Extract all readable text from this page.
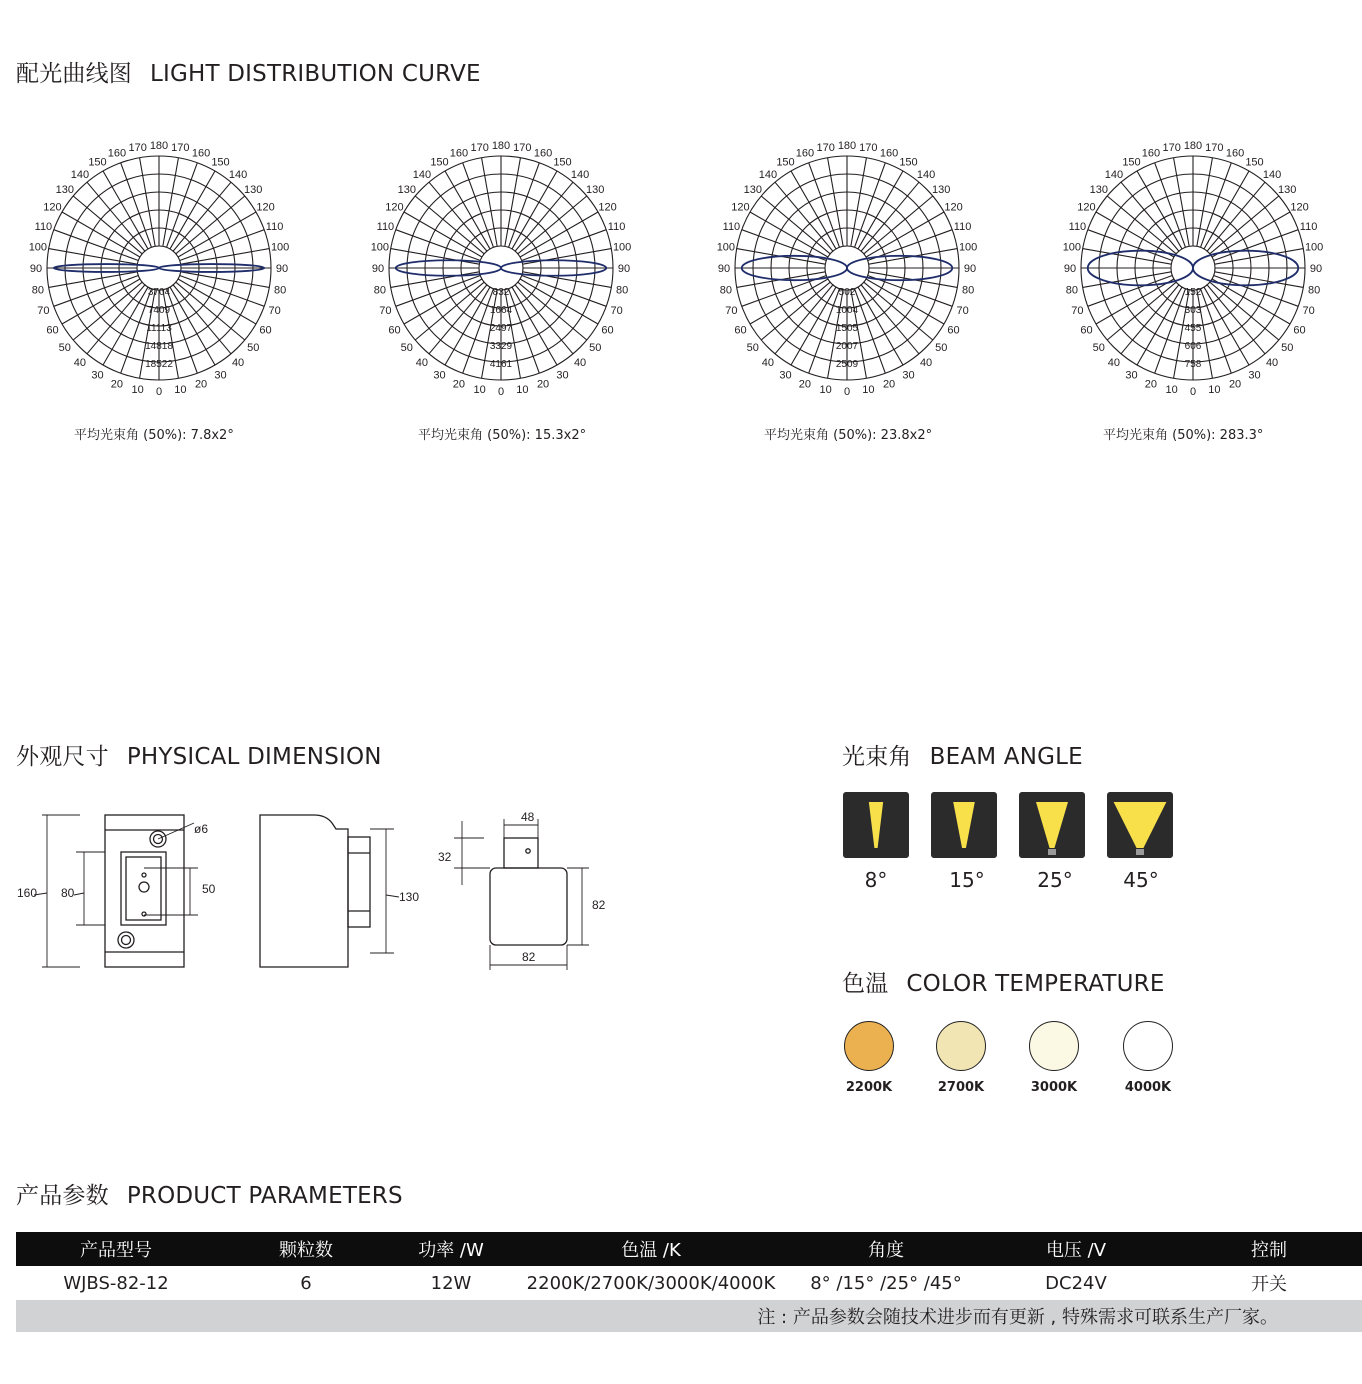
配光曲线图 LIGHT DISTRIBUTION CURVE
170
160
150
140
130
120
110
100
90
80
70
60
50
40
30
20 10 0 10 20
30
40
50
60
70
80
90
100
110
120
130
140
150
160
170
180
3704
7409
11113
14818
18522
170
160
150
140
130
120
110
100
90
80
70
60
50
40
30
20 10 0 10 20
30
40
50
60
70
80
90
100
110
120
130
140
150
160
170
180
832
1664
2497
3329
4161
170
160
150
140
130
120
110
100
90
80
70
60
50
40
30
20 10 0 10 20
30
40
50
60
70
80
90
100
110
120
130
140
150
160
170
180
502
1004
1505
2007
2509
170
160
150
140
130
120
110
100
90
80
70
60
50
40
30
20 10 0 10 20
30
40
50
60
70
80
90
100
110
120
130
140
150
160
170
180
152
303
455
606
758
平均光束角 (50%): 7.8x2°	平均光束角 (50%): 15.3x2°	平均光束角 (50%): 23.8x2°	平均光束角 (50%): 283.3°
外观尺寸 PHYSICAL DIMENSION
160 80
ø6
50
130
48
32
82
82
光束角 BEAM ANGLE
8°	15°	25°	45°
色温 COLOR TEMPERATURE
2200K	2700K	3000K	4000K
产品参数 PRODUCT PARAMETERS
产品型号	颗粒数	功率 /W	色温 /K	角度	电压 /V	控制
WJBS-82-12	6	12W	2200K/2700K/3000K/4000K	8° /15° /25° /45°	DC24V	开关
注 : 产品参数会随技术进步而有更新 , 特殊需求可联系生产厂家。						
